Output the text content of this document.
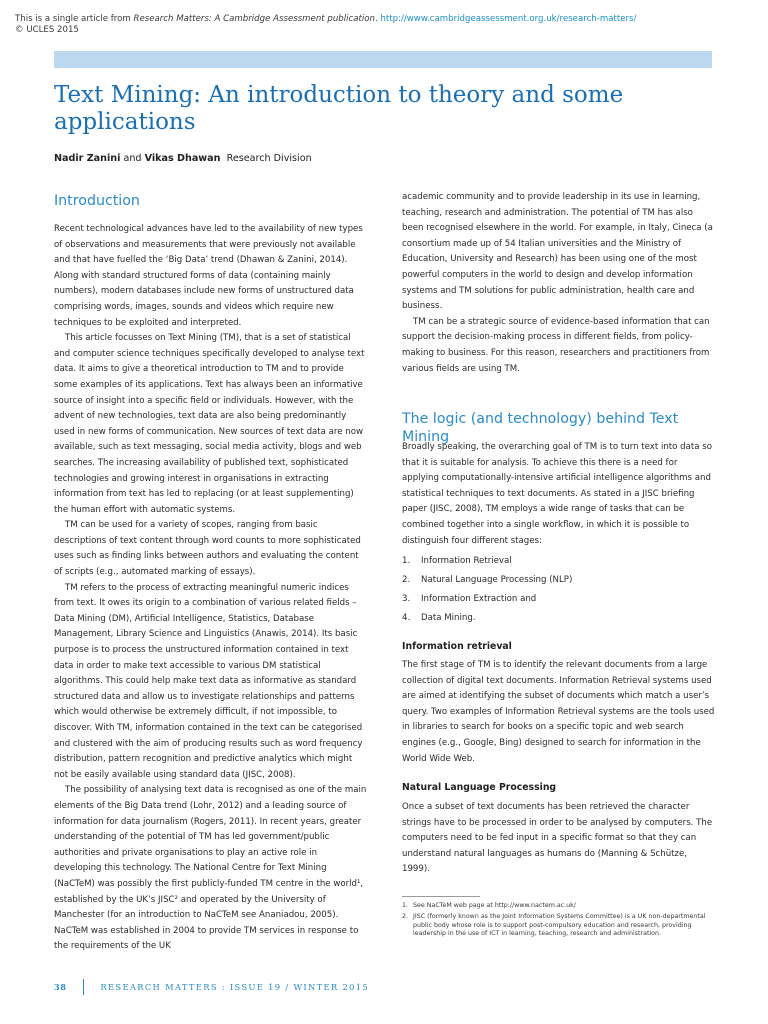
This is a single article from Research Matters: A Cambridge Assessment publication. http://www.cambridgeassessment.org.uk/research-matters/
© UCLES 2015
Text Mining: An introduction to theory and some applications
Nadir Zanini and Vikas Dhawan Research Division
Introduction

Recent technological advances have led to the availability of new types of observations and measurements that were previously not available and that have fuelled the ‘Big Data’ trend (Dhawan & Zanini, 2014). Along with standard structured forms of data (containing mainly numbers), modern databases include new forms of unstructured data comprising words, images, sounds and videos which require new techniques to be exploited and interpreted.

This article focusses on Text Mining (TM), that is a set of statistical and computer science techniques specifically developed to analyse text data. It aims to give a theoretical introduction to TM and to provide some examples of its applications. Text has always been an informative source of insight into a specific field or individuals. However, with the advent of new technologies, text data are also being predominantly used in new forms of communication. New sources of text data are now available, such as text messaging, social media activity, blogs and web searches. The increasing availability of published text, sophisticated technologies and growing interest in organisations in extracting information from text has led to replacing (or at least supplementing) the human effort with automatic systems.

TM can be used for a variety of scopes, ranging from basic descriptions of text content through word counts to more sophisticated uses such as finding links between authors and evaluating the content of scripts (e.g., automated marking of essays).

TM refers to the process of extracting meaningful numeric indices from text. It owes its origin to a combination of various related fields – Data Mining (DM), Artificial Intelligence, Statistics, Database Management, Library Science and Linguistics (Anawis, 2014). Its basic purpose is to process the unstructured information contained in text data in order to make text accessible to various DM statistical algorithms. This could help make text data as informative as standard structured data and allow us to investigate relationships and patterns which would otherwise be extremely difficult, if not impossible, to discover. With TM, information contained in the text can be categorised and clustered with the aim of producing results such as word frequency distribution, pattern recognition and predictive analytics which might not be easily available using standard data (JISC, 2008).

The possibility of analysing text data is recognised as one of the main elements of the Big Data trend (Lohr, 2012) and a leading source of information for data journalism (Rogers, 2011). In recent years, greater understanding of the potential of TM has led government/public authorities and private organisations to play an active role in developing this technology. The National Centre for Text Mining (NaCTeM) was possibly the first publicly-funded TM centre in the world¹, established by the UK’s JISC² and operated by the University of Manchester (for an introduction to NaCTeM see Ananiadou, 2005). NaCTeM was established in 2004 to provide TM services in response to the requirements of the UK

academic community and to provide leadership in its use in learning, teaching, research and administration. The potential of TM has also been recognised elsewhere in the world. For example, in Italy, Cineca (a consortium made up of 54 Italian universities and the Ministry of Education, University and Research) has been using one of the most powerful computers in the world to design and develop information systems and TM solutions for public administration, health care and business.

TM can be a strategic source of evidence-based information that can support the decision-making process in different fields, from policy-making to business. For this reason, researchers and practitioners from various fields are using TM.

The logic (and technology) behind Text Mining

Broadly speaking, the overarching goal of TM is to turn text into data so that it is suitable for analysis. To achieve this there is a need for applying computationally-intensive artificial intelligence algorithms and statistical techniques to text documents. As stated in a JISC briefing paper (JISC, 2008), TM employs a wide range of tasks that can be combined together into a single workflow, in which it is possible to distinguish four different stages:

1.	Information Retrieval
2.	Natural Language Processing (NLP)
3.	Information Extraction and
4.	Data Mining.
Information retrieval

The first stage of TM is to identify the relevant documents from a large collection of digital text documents. Information Retrieval systems used are aimed at identifying the subset of documents which match a user’s query. Two examples of Information Retrieval systems are the tools used in libraries to search for books on a specific topic and web search engines (e.g., Google, Bing) designed to search for information in the World Wide Web.

Natural Language Processing

Once a subset of text documents has been retrieved the character strings have to be processed in order to be analysed by computers. The computers need to be fed input in a specific format so that they can understand natural languages as humans do (Manning & Schütze, 1999).

1. See NaCTeM web page at http://www.nactem.ac.uk/
2. JISC (formerly known as the Joint Information Systems Committee) is a UK non-departmental public body whose role is to support post-compulsory education and research, providing leadership in the use of ICT in learning, teaching, research and administration.
38	RESEARCH MATTERS : ISSUE 19 / WINTER 2015
